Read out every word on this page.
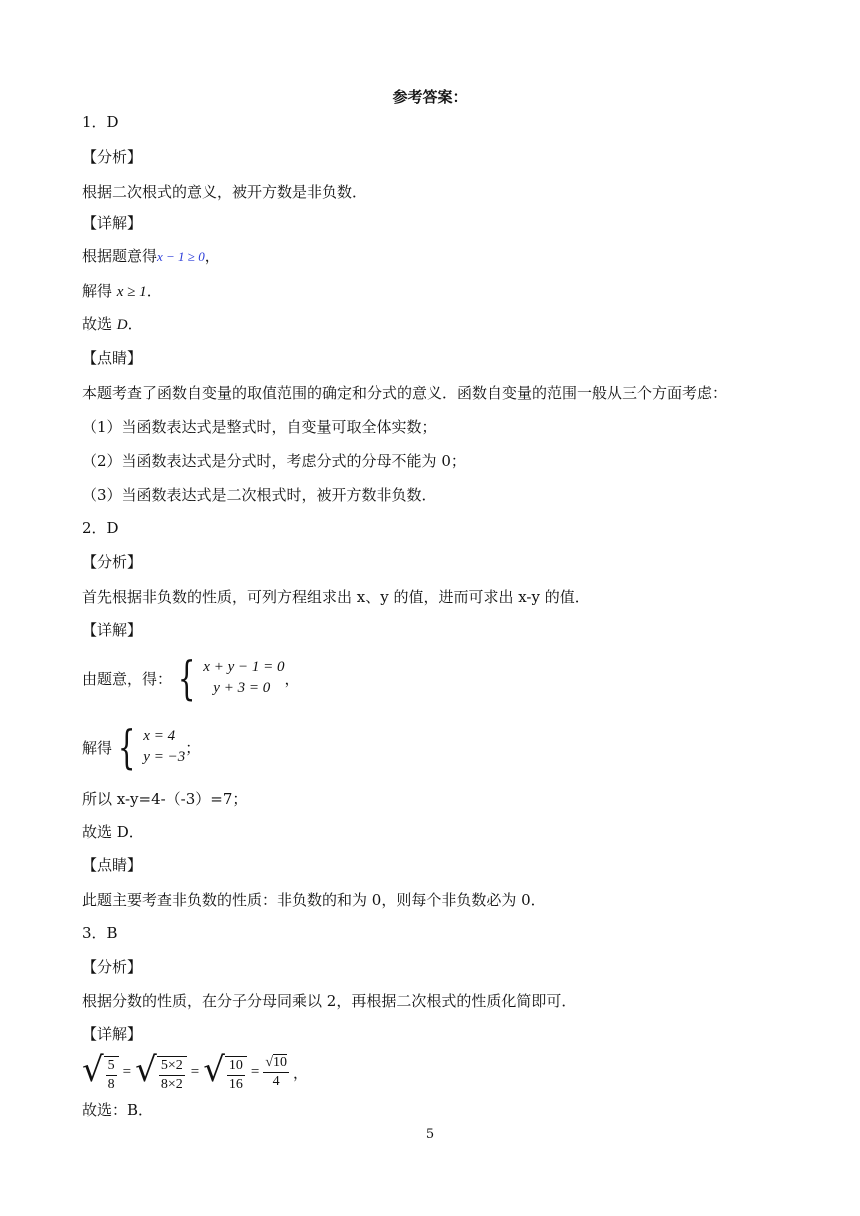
参考答案：
1．D
【分析】
根据二次根式的意义，被开方数是非负数．
【详解】
根据题意得x − 1 ≥ 0，
解得 x ≥ 1．
故选 D．
【点睛】
本题考查了函数自变量的取值范围的确定和分式的意义．函数自变量的范围一般从三个方面考虑：
（1）当函数表达式是整式时，自变量可取全体实数；
（2）当函数表达式是分式时，考虑分式的分母不能为 0；
（3）当函数表达式是二次根式时，被开方数非负数．
2．D
【分析】
首先根据非负数的性质，可列方程组求出 x、y 的值，进而可求出 x-y 的值．
【详解】
由题意，得： { x + y − 1 = 0
y + 3 = 0
，
解得 { x = 4
y = −3
；
所以 x-y=4-（-3）=7；
故选 D．
【点睛】
此题主要考查非负数的性质：非负数的和为 0，则每个非负数必为 0．
3．B
【分析】
根据分数的性质，在分子分母同乘以 2，再根据二次根式的性质化简即可．
【详解】
√ $\frac{5}{8}$ = √ $\frac{5\times 2}{8\times 2}$ = √ $\frac{10}{16} = \frac{√10}{4}$ ，
故选：B．
5
